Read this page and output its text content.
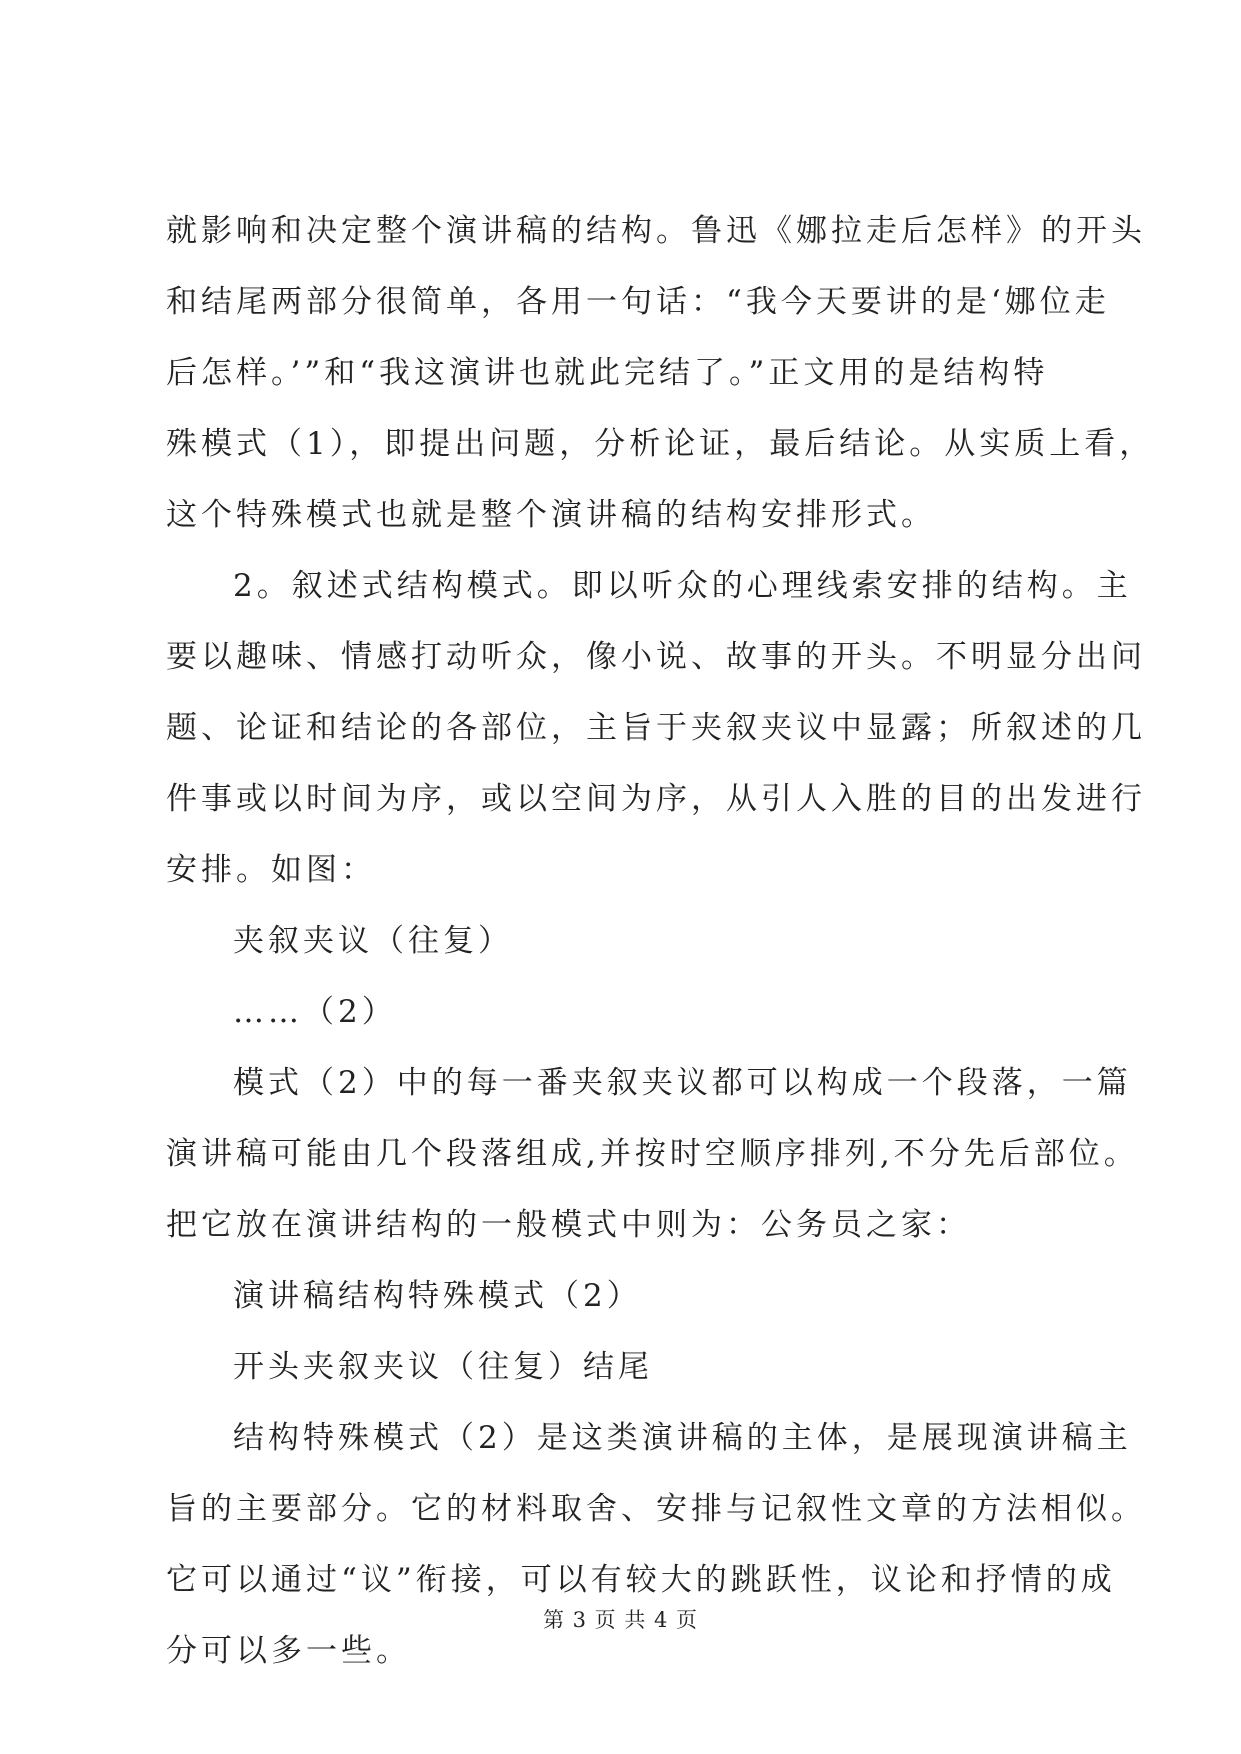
就影响和决定整个演讲稿的结构。鲁迅《娜拉走后怎样》的开头
和结尾两部分很简单，各用一句话：“我今天要讲的是‘娜位走
后怎样。’”和“我这演讲也就此完结了。”正文用的是结构特
殊模式（1），即提出问题，分析论证，最后结论。从实质上看，
这个特殊模式也就是整个演讲稿的结构安排形式。
2。叙述式结构模式。即以听众的心理线索安排的结构。主
要以趣味、情感打动听众，像小说、故事的开头。不明显分出问
题、论证和结论的各部位，主旨于夹叙夹议中显露；所叙述的几
件事或以时间为序，或以空间为序，从引人入胜的目的出发进行
安排。如图：
夹叙夹议（往复）
……（2）
模式（2）中的每一番夹叙夹议都可以构成一个段落，一篇
演讲稿可能由几个段落组成,并按时空顺序排列,不分先后部位。
把它放在演讲结构的一般模式中则为：公务员之家：
演讲稿结构特殊模式（2）
开头夹叙夹议（往复）结尾
结构特殊模式（2）是这类演讲稿的主体，是展现演讲稿主
旨的主要部分。它的材料取舍、安排与记叙性文章的方法相似。
它可以通过“议”衔接，可以有较大的跳跃性，议论和抒情的成
分可以多一些。
第 3 页 共 4 页
